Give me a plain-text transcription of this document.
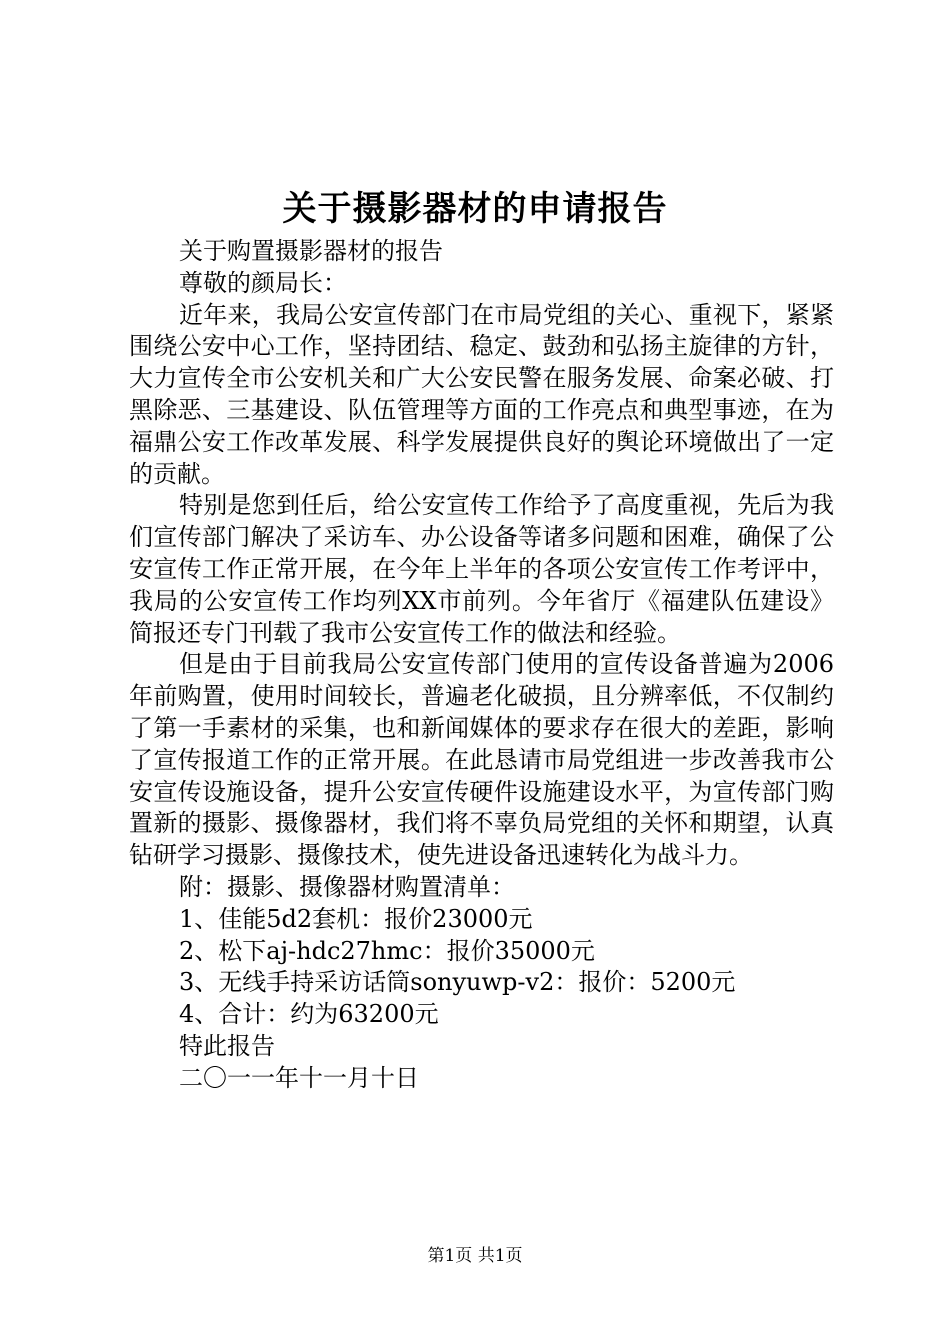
关于摄影器材的申请报告
关于购置摄影器材的报告
尊敬的颜局长：

近年来，我局公安宣传部门在市局党组的关心、重视下，紧紧围绕公安中心工作，坚持团结、稳定、鼓劲和弘扬主旋律的方针，大力宣传全市公安机关和广大公安民警在服务发展、命案必破、打黑除恶、三基建设、队伍管理等方面的工作亮点和典型事迹，在为福鼎公安工作改革发展、科学发展提供良好的舆论环境做出了一定的贡献。

特别是您到任后，给公安宣传工作给予了高度重视，先后为我们宣传部门解决了采访车、办公设备等诸多问题和困难，确保了公安宣传工作正常开展，在今年上半年的各项公安宣传工作考评中，我局的公安宣传工作均列XX市前列。今年省厅《福建队伍建设》简报还专门刊载了我市公安宣传工作的做法和经验。

但是由于目前我局公安宣传部门使用的宣传设备普遍为2006年前购置，使用时间较长，普遍老化破损，且分辨率低，不仅制约了第一手素材的采集，也和新闻媒体的要求存在很大的差距，影响了宣传报道工作的正常开展。在此恳请市局党组进一步改善我市公安宣传设施设备，提升公安宣传硬件设施建设水平，为宣传部门购置新的摄影、摄像器材，我们将不辜负局党组的关怀和期望，认真钻研学习摄影、摄像技术，使先进设备迅速转化为战斗力。

附：摄影、摄像器材购置清单：
1、佳能5d2套机：报价23000元
2、松下aj-hdc27hmc：报价35000元
3、无线手持采访话筒sonyuwp-v2：报价：5200元
4、合计：约为63200元
特此报告
二〇一一年十一月十日
第1页 共1页
